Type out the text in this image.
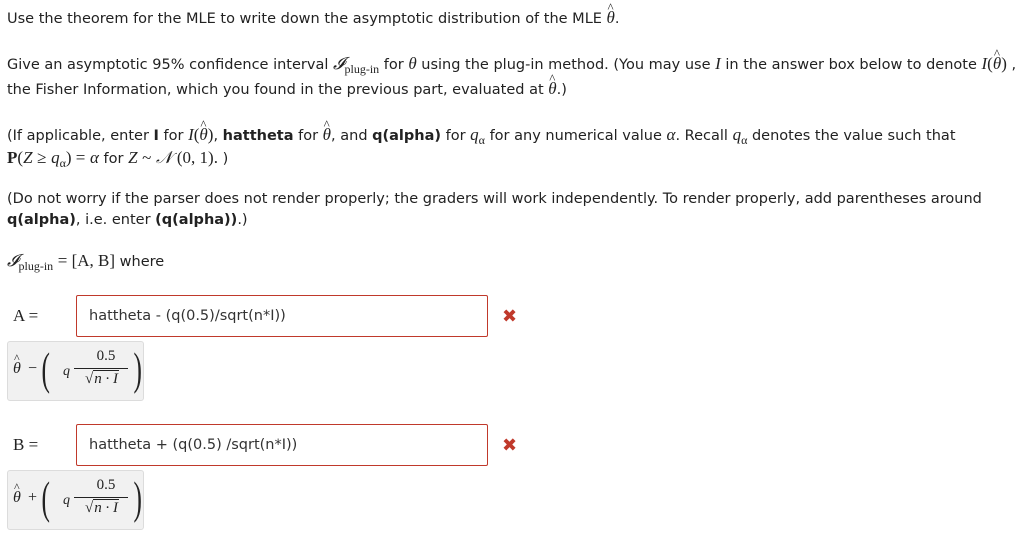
Use the theorem for the MLE to write down the asymptotic distribution of the MLE ^ θ.
Give an asymptotic 95% confidence interval 𝓘$_{plug-in}$ for θ using the plug-in method. (You may use I in the answer box below to denote I(^ θ) ,
the Fisher Information, which you found in the previous part, evaluated at ^ θ.)
(If applicable, enter I for I(^ θ), hattheta for ^ θ, and q(alpha) for $q_\alpha$ for any numerical value α. Recall $q_\alpha$ denotes the value such that
$P(Z \ge q_\alpha) = \alpha$ for Z ~ 𝒩 (0, 1). )
(Do not worry if the parser does not render properly; the graders will work independently. To render properly, add parentheses around
q(alpha), i.e. enter (q(alpha)).)
𝓘$_{plug-in}$ = [A, B] where
A =	hattheta - (q(0.5)/sqrt(n*I))	✖
^ θ − ( q
0.5
√n · I )
B =	hattheta + (q(0.5) /sqrt(n*I))	✖
^ θ + ( q
0.5
√n · I )
